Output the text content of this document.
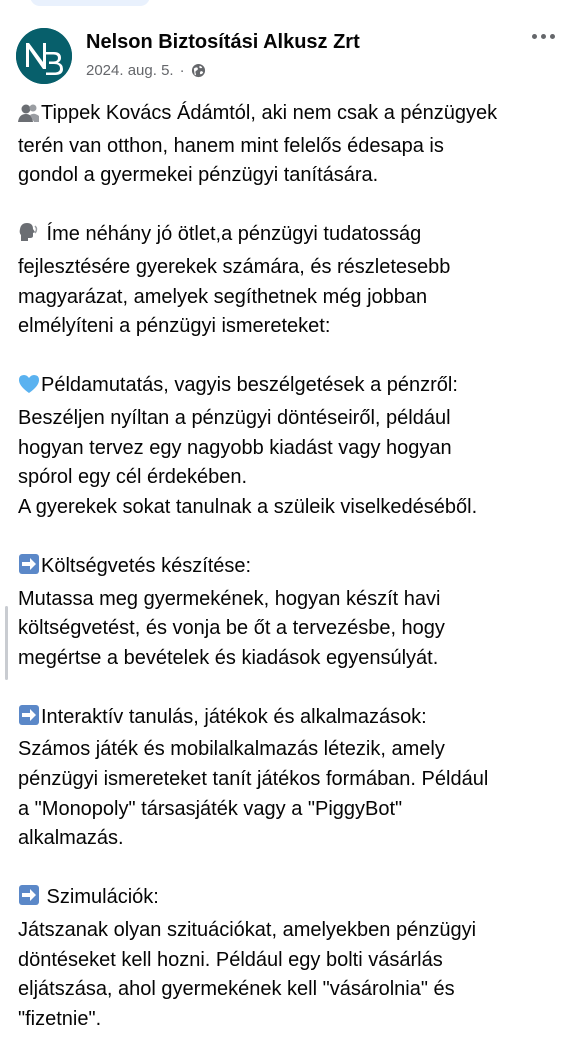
Nelson Biztosítási Alkusz Zrt
2024. aug. 5. ·
Tippek Kovács Ádámtól, aki nem csak a pénzügyek
terén van otthon, hanem mint felelős édesapa is
gondol a gyermekei pénzügyi tanítására.
Íme néhány jó ötlet,a pénzügyi tudatosság
fejlesztésére gyerekek számára, és részletesebb
magyarázat, amelyek segíthetnek még jobban
elmélyíteni a pénzügyi ismereteket:
Példamutatás, vagyis beszélgetések a pénzről:
Beszéljen nyíltan a pénzügyi döntéseiről, például
hogyan tervez egy nagyobb kiadást vagy hogyan
spórol egy cél érdekében.
A gyerekek sokat tanulnak a szüleik viselkedéséből.
Költségvetés készítése:
Mutassa meg gyermekének, hogyan készít havi
költségvetést, és vonja be őt a tervezésbe, hogy
megértse a bevételek és kiadások egyensúlyát.
Interaktív tanulás, játékok és alkalmazások:
Számos játék és mobilalkalmazás létezik, amely
pénzügyi ismereteket tanít játékos formában. Például
a "Monopoly" társasjáték vagy a "PiggyBot"
alkalmazás.
Szimulációk:
Játszanak olyan szituációkat, amelyekben pénzügyi
döntéseket kell hozni. Például egy bolti vásárlás
eljátszása, ahol gyermekének kell "vásárolnia" és
"fizetnie".
